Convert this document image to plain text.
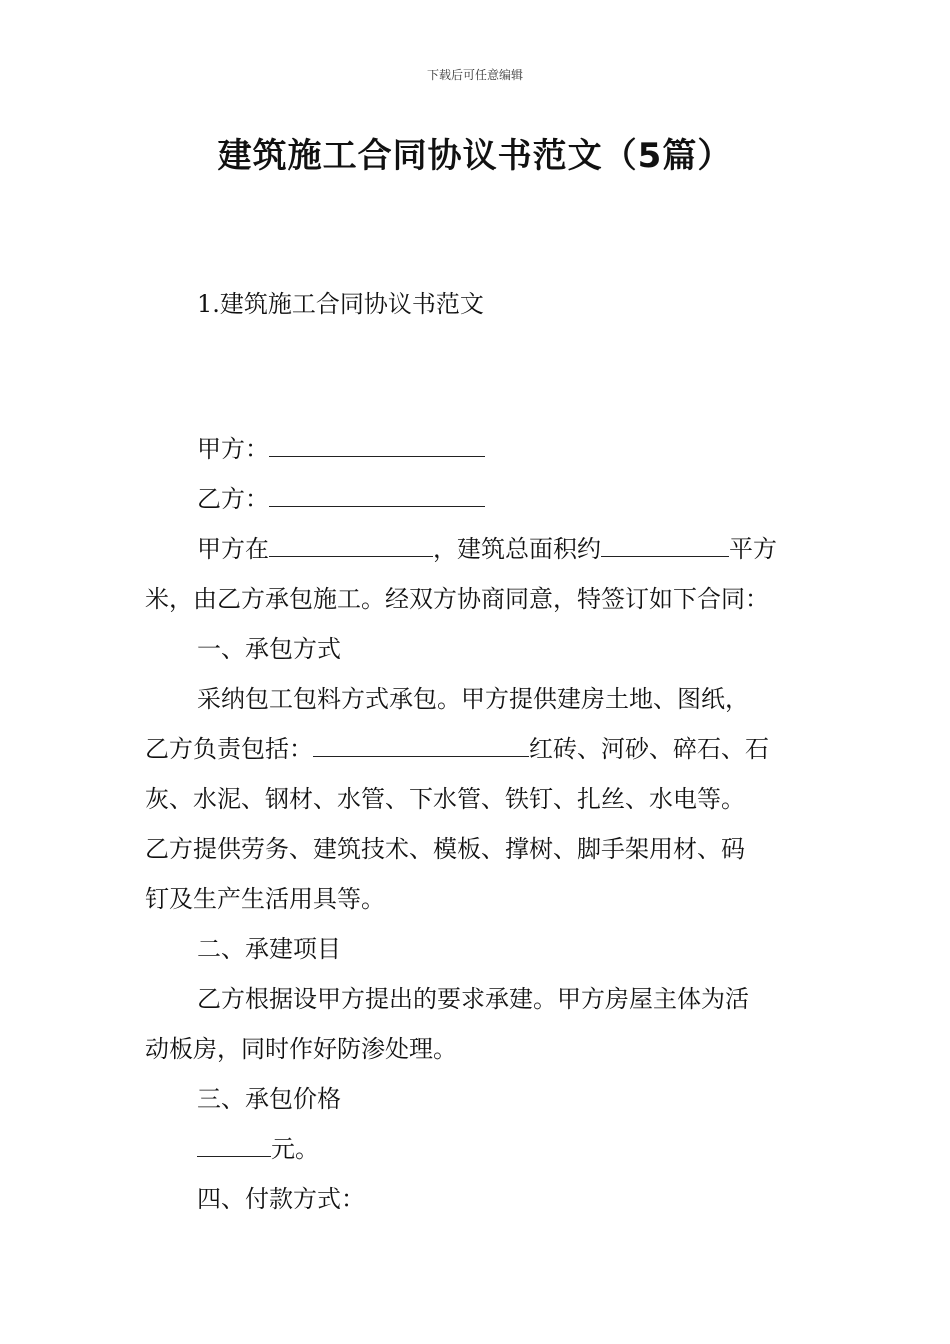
下载后可任意编辑
建筑施工合同协议书范文（5篇）
1.建筑施工合同协议书范文
甲方：
乙方：
甲方在	，建筑总面积约	平方
米，由乙方承包施工。经双方协商同意，特签订如下合同：
一、承包方式
采纳包工包料方式承包。甲方提供建房土地、图纸，
乙方负责包括：	红砖、河砂、碎石、石
灰、水泥、钢材、水管、下水管、铁钉、扎丝、水电等。
乙方提供劳务、建筑技术、模板、撑树、脚手架用材、码
钉及生产生活用具等。
二、承建项目
乙方根据设甲方提出的要求承建。甲方房屋主体为活
动板房，同时作好防渗处理。
三、承包价格
元。
四、付款方式：
